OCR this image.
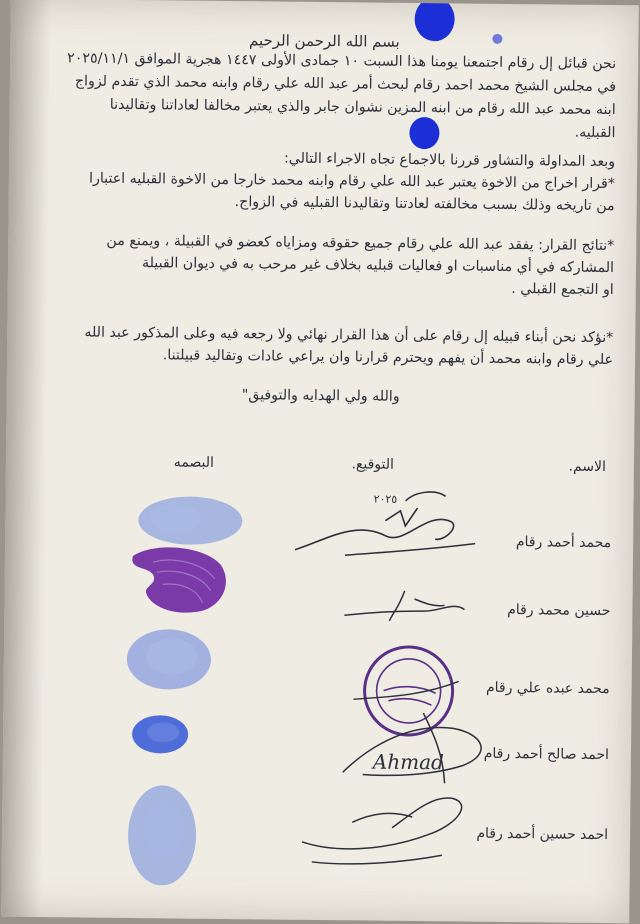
بسم الله الرحمن الرحيم
نحن قبائل إل رقام اجتمعنا يومنا هذا السبت ١٠ جمادى الأولى ١٤٤٧ هجرية الموافق ٢٠٢٥/١١/١
في مجلس الشيخ محمد احمد رقام لبحث أمر عبد الله علي رقام وابنه محمد الذي تقدم لزواج
ابنه محمد عبد الله رقام من ابنه المزين نشوان جابر والذي يعتبر مخالفا لعاداتنا وتقاليدنا
القبليه.
وبعد المداولة والتشاور قررنا بالاجماع تجاه الاجراء التالي:
*قرار اخراج من الاخوة يعتبر عبد الله علي رقام وابنه محمد خارجا من الاخوة القبليه اعتبارا
من تاريخه وذلك بسبب مخالفته لعادتنا وتقاليدنا القبليه في الزواج.
*نتائج القرار: يفقد عبد الله علي رقام جميع حقوقه ومزاياه كعضو في القبيلة ، ويمنع من
المشاركه في أي مناسبات او فعاليات قبليه بخلاف غير مرحب به في ديوان القبيلة
او التجمع القبلي .
*نؤكد نحن أبناء قبيله إل رقام على أن هذا القرار نهائي ولا رجعه فيه وعلى المذكور عبد الله
علي رقام وابنه محمد أن يفهم ويحترم قرارنا وان يراعي عادات وتقاليد قبيلتنا.
والله ولي الهدايه والتوفيق"
الاسم.
التوقيع.
البصمه
محمد أحمد رقام
٢٠٢٥
حسين محمد رقام
محمد عبده علي رقام
احمد صالح أحمد رقام
Ahmad
احمد حسين أحمد رقام
